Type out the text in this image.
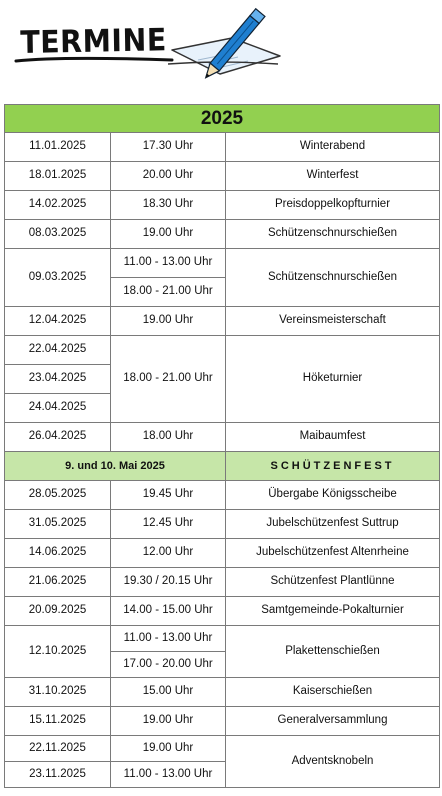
TERMINE
2025		
11.01.2025	17.30 Uhr	Winterabend
18.01.2025	20.00 Uhr	Winterfest
14.02.2025	18.30 Uhr	Preisdoppelkopfturnier
08.03.2025	19.00 Uhr	Schützenschnurschießen
09.03.2025	11.00 - 13.00 Uhr	Schützenschnurschießen
	18.00 - 21.00 Uhr	
12.04.2025	19.00 Uhr	Vereinsmeisterschaft
22.04.2025	18.00 - 21.00 Uhr	Höketurnier
23.04.2025		
24.04.2025		
26.04.2025	18.00 Uhr	Maibaumfest
9. und 10. Mai 2025		SCHÜTZENFEST
28.05.2025	19.45 Uhr	Übergabe Königsscheibe
31.05.2025	12.45 Uhr	Jubelschützenfest Suttrup
14.06.2025	12.00 Uhr	Jubelschützenfest Altenrheine
21.06.2025	19.30 / 20.15 Uhr	Schützenfest Plantlünne
20.09.2025	14.00 - 15.00 Uhr	Samtgemeinde-Pokalturnier
12.10.2025	11.00 - 13.00 Uhr	Plakettenschießen
	17.00 - 20.00 Uhr	
31.10.2025	15.00 Uhr	Kaiserschießen
15.11.2025	19.00 Uhr	Generalversammlung
22.11.2025	19.00 Uhr	Adventsknobeln
23.11.2025	11.00 - 13.00 Uhr	
